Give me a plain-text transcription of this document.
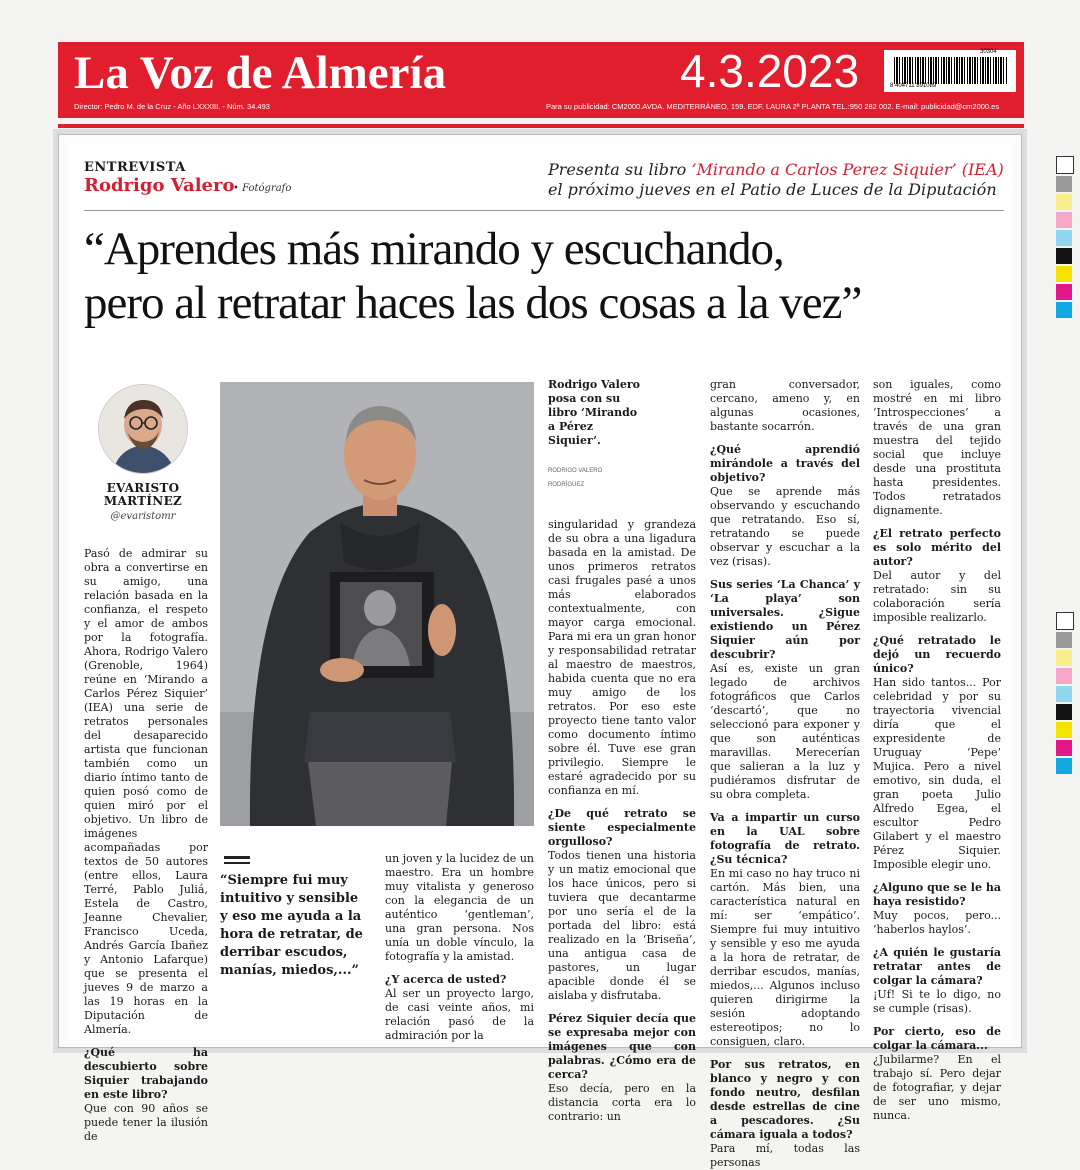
La Voz de Almería	4.3.2023	30304
8 404711 891089
Director: Pedro M. de la Cruz - Año LXXXIII. - Núm. 34.493	Para su publicidad: CM2000.AVDA. MEDITERRÁNEO, 159. EDF. LAURA 2ª PLANTA TEL.:950 282 002. E-mail: publicidad@cm2000.es
ENTREVISTA
Rodrigo Valero
• Fotógrafo
Presenta su libro ‘Mirando a Carlos Perez Siquier’ (IEA)
el próximo jueves en el Patio de Luces de la Diputación
“Aprendes más mirando y escuchando,
pero al retratar haces las dos cosas a la vez”
EVARISTO
MARTÍNEZ
@evaristomr

Pasó de admirar su obra a convertirse en su amigo, una relación basada en la confianza, el respeto y el amor de ambos por la fotografía. Ahora, Rodrigo Valero (Grenoble, 1964) reúne en ‘Mirando a Carlos Pérez Siquier’ (IEA) una serie de retratos personales del desaparecido artista que funcionan también como un diario íntimo tanto de quien posó como de quien miró por el objetivo. Un libro de imágenes acompañadas por textos de 50 autores (entre ellos, Laura Terré, Pablo Juliá, Estela de Castro, Jeanne Chevalier, Francisco Uceda, Andrés García Ibañez y Antonio Lafarque) que se presenta el jueves 9 de marzo a las 19 horas en la Diputación de Almería.

¿Qué ha descubierto sobre Siquier trabajando en este libro?

Que con 90 años se puede tener la ilusión de

Rodrigo Valero posa con su libro ‘Mirando a Pérez Siquier’.
RODRIGO VALERO
RODRÍGUEZ
“Siempre fui muy intuitivo y sensible y eso me ayuda a la hora de retratar, de derribar escudos, manías, miedos,...”

un joven y la lucidez de un maestro. Era un hombre muy vitalista y generoso con la elegancia de un auténtico ‘gentleman’, una gran persona. Nos unía un doble vínculo, la fotografía y la amistad.

¿Y acerca de usted?

Al ser un proyecto largo, de casi veinte años, mi relación pasó de la admiración por la

singularidad y grandeza de su obra a una ligadura basada en la amistad. De unos primeros retratos casi frugales pasé a unos más elaborados contextualmente, con mayor carga emocional. Para mi era un gran honor y responsabilidad retratar al maestro de maestros, habida cuenta que no era muy amigo de los retratos. Por eso este proyecto tiene tanto valor como documento íntimo sobre él. Tuve ese gran privilegio. Siempre le estaré agradecido por su confianza en mí.

¿De qué retrato se siente especialmente orgulloso?

Todos tienen una historia y un matiz emocional que los hace únicos, pero si tuviera que decantarme por uno sería el de la portada del libro: está realizado en la ‘Briseña’, una antigua casa de pastores, un lugar apacible donde él se aislaba y disfrutaba.

Pérez Siquier decía que se expresaba mejor con imágenes que con palabras. ¿Cómo era de cerca?

Eso decía, pero en la distancia corta era lo contrario: un

gran conversador, cercano, ameno y, en algunas ocasiones, bastante socarrón.

¿Qué aprendió mirándole a través del objetivo?

Que se aprende más observando y escuchando que retratando. Eso sí, retratando se puede observar y escuchar a la vez (risas).

Sus series ‘La Chanca’ y ‘La playa’ son universales. ¿Sigue existiendo un Pérez Siquier aún por descubrir?

Así es, existe un gran legado de archivos fotográficos que Carlos ‘descartó’, que no seleccionó para exponer y que son auténticas maravillas. Merecerían que salieran a la luz y pudiéramos disfrutar de su obra completa.

Va a impartir un curso en la UAL sobre fotografía de retrato. ¿Su técnica?

En mi caso no hay truco ni cartón. Más bien, una característica natural en mí: ser ‘empático’. Siempre fui muy intuitivo y sensible y eso me ayuda a la hora de retratar, de derribar escudos, manías, miedos,... Algunos incluso quieren dirigirme la sesión adoptando estereotipos; no lo consiguen, claro.

Por sus retratos, en blanco y negro y con fondo neutro, desfilan desde estrellas de cine a pescadores. ¿Su cámara iguala a todos?

Para mí, todas las personas

son iguales, como mostré en mi libro ‘Introspecciones’ a través de una gran muestra del tejido social que incluye desde una prostituta hasta presidentes. Todos retratados dignamente.

¿El retrato perfecto es solo mérito del autor?

Del autor y del retratado: sin su colaboración sería imposible realizarlo.

¿Qué retratado le dejó un recuerdo único?

Han sido tantos... Por celebridad y por su trayectoria vivencial diría que el expresidente de Uruguay ‘Pepe’ Mujica. Pero a nivel emotivo, sin duda, el gran poeta Julio Alfredo Egea, el escultor Pedro Gilabert y el maestro Pérez Siquier. Imposible elegir uno.

¿Alguno que se le ha haya resistido?

Muy pocos, pero... ‘haberlos haylos’.

¿A quién le gustaría retratar antes de colgar la cámara?

¡Uf! Si te lo digo, no se cumple (risas).

Por cierto, eso de colgar la cámara...

¿Jubilarme? En el trabajo sí. Pero dejar de fotografiar, y dejar de ser uno mismo, nunca.
